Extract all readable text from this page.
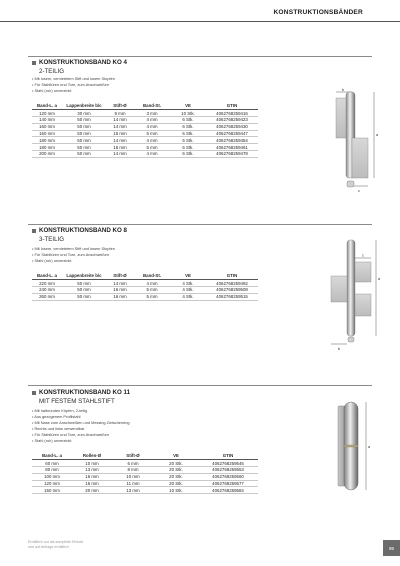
KONSTRUKTIONSBÄNDER
KONSTRUKTIONSBAND KO 4
2-TEILIG
• Mit losem, vernietetem Stift und losem Stopfen
• Für Stahltüren und Tore, zum Anschweißen
• Stahl (roh) unverzinkt
Band-L. a	Lappenbreite b/c	Stift-Ø	Band-St.	VE	GTIN
120 mm	30 mm	9 mm	3 mm	10 Stk.	4062768259416
140 mm	50 mm	14 mm	4 mm	6 Stk.	4062768259423
160 mm	50 mm	14 mm	4 mm	6 Stk.	4062768259430
160 mm	50 mm	16 mm	5 mm	6 Stk.	4062768259447
180 mm	50 mm	14 mm	4 mm	6 Stk.	4062768259454
180 mm	50 mm	16 mm	5 mm	6 Stk.	4062768259461
200 mm	50 mm	14 mm	4 mm	6 Stk.	4062768259478
b
a
c
KONSTRUKTIONSBAND KO 8
3-TEILIG
• Mit losem, vernietetem Stift und losem Stopfen
• Für Stahltüren und Tore, zum Anschweißen
• Stahl (roh) unverzinkt
Band-L. a	Lappenbreite b/c	Stift-Ø	Band-St.	VE	GTIN
220 mm	50 mm	14 mm	4 mm	4 Stk.	4062768259492
240 mm	50 mm	16 mm	5 mm	4 Stk.	4062768259508
260 mm	50 mm	16 mm	5 mm	4 Stk.	4062768259515
a
c
b
KONSTRUKTIONSBAND KO 11
MIT FESTEM STAHLSTIFT
• Mit halbrunden Köpfen, 2-teilig
• Aus gezogenem Profilstahl
• Mit Nase zum Anschweißen und Messing Zwischenring
• Rechts und links verwendbar
• Für Stahltüren und Tore, zum Anschweißen
• Stahl (roh) unverzinkt
Band-L. a	Rollen-Ø	Stift-Ø	VE	GTIN
60 mm	10 mm	6 mm	20 Stk.	4062768259546
80 mm	13 mm	8 mm	20 Stk.	4062768259553
100 mm	16 mm	10 mm	20 Stk.	4062768259560
120 mm	16 mm	11 mm	20 Stk.	4062768259577
150 mm	20 mm	13 mm	10 Stk.	4062768259584
a
Erhältlich nur als komplette Einheit
und auf Anfrage erhältlich	95
